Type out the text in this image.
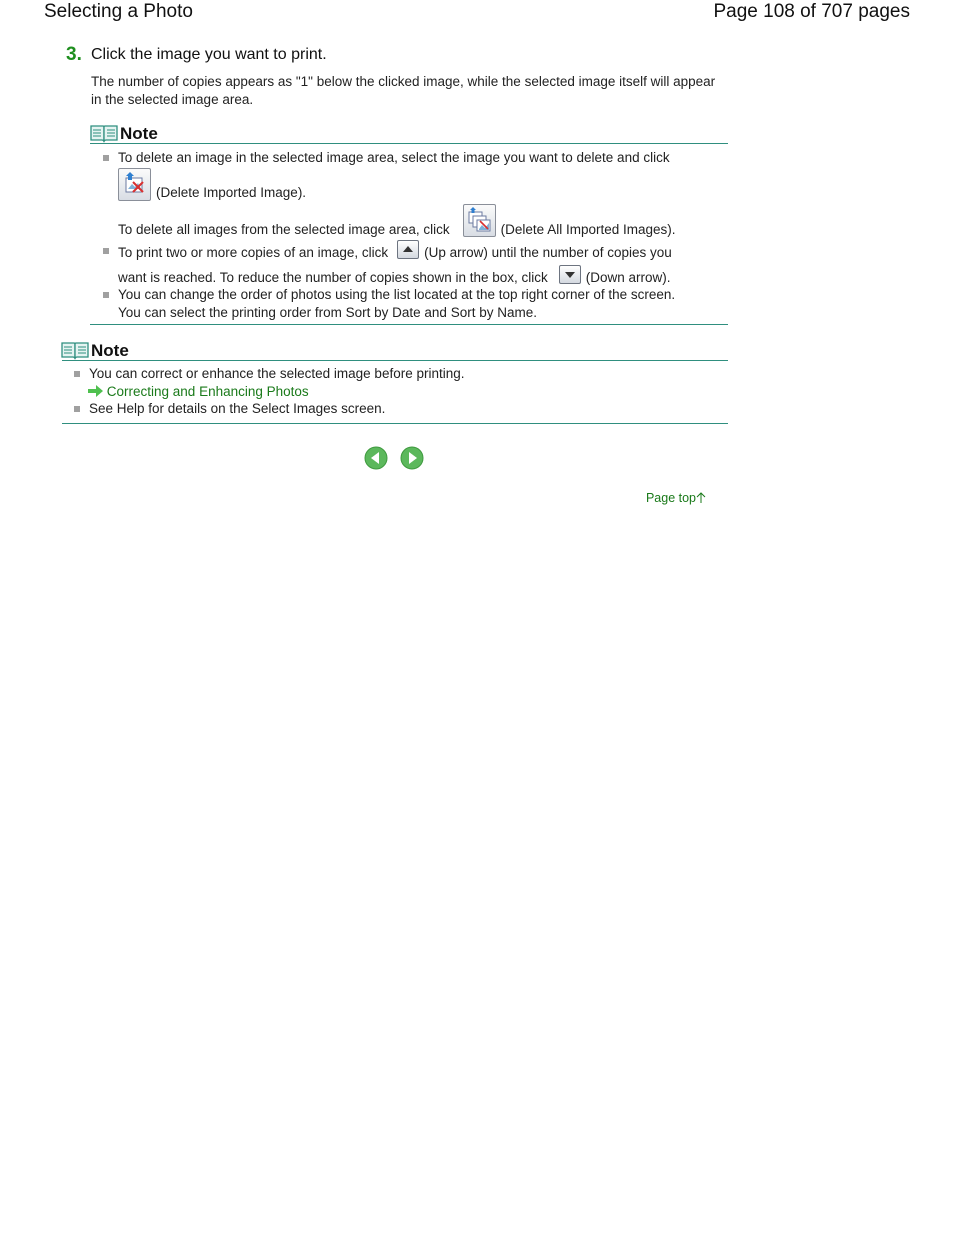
Selecting a Photo	Page 108 of 707 pages
3. Click the image you want to print.
The number of copies appears as "1" below the clicked image, while the selected image itself will appear in the selected image area.
Note
To delete an image in the selected image area, select the image you want to delete and click
(Delete Imported Image).
To delete all images from the selected image area, click	(Delete All Imported Images).
To print two or more copies of an image, click	(Up arrow) until the number of copies you
want is reached. To reduce the number of copies shown in the box, click	(Down arrow).
You can change the order of photos using the list located at the top right corner of the screen.
You can select the printing order from Sort by Date and Sort by Name.
Note
You can correct or enhance the selected image before printing.
Correcting and Enhancing Photos
See Help for details on the Select Images screen.
Page top
